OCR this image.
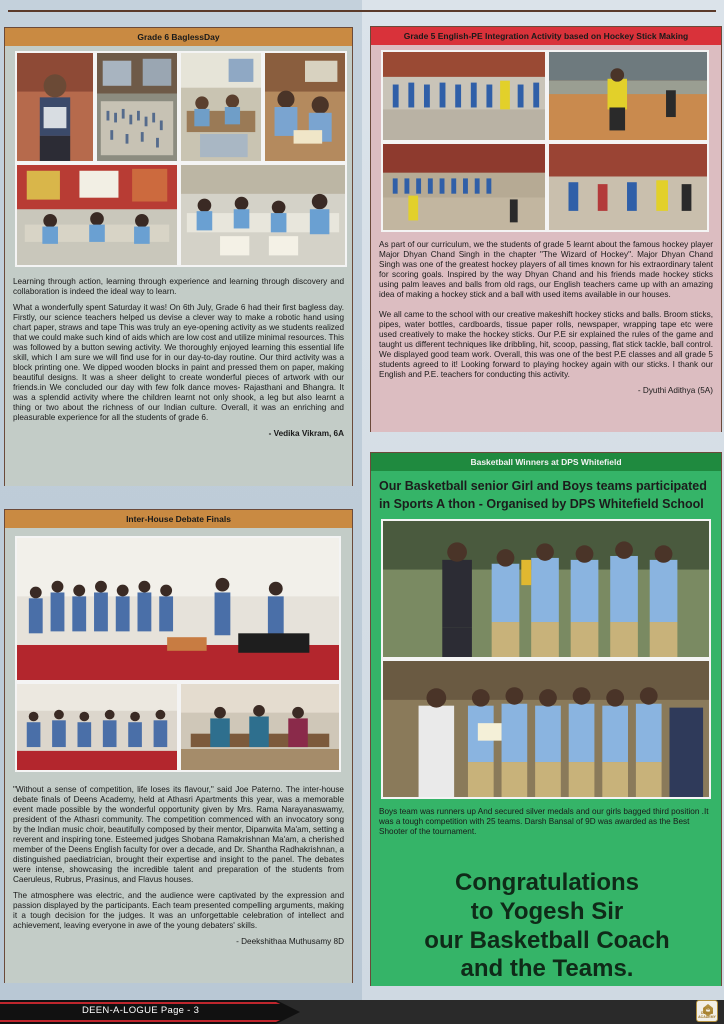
Grade 6 BaglessDay

Learning through action, learning through experience and learning through discovery and collaboration is indeed the ideal way to learn.

What a wonderfully spent Saturday it was! On 6th July, Grade 6 had their first bagless day. Firstly, our science teachers helped us devise a clever way to make a robotic hand using chart paper, straws and tape This was truly an eye-opening activity as we students realized that we could make such kind of aids which are low cost and utilize minimal resources. This was followed by a button sewing activity. We thoroughly enjoyed learning this essential life skill, which I am sure we will find use for in our day-to-day routine. Our third activity was a block printing one. We dipped wooden blocks in paint and pressed them on paper, making beautiful designs. It was a sheer delight to create wonderful pieces of artwork with our friends.in We concluded our day with few folk dance moves- Rajasthani and Bhangra. It was a splendid activity where the children learnt not only shook, a leg but also learnt a thing or two about the richness of our Indian culture. Overall, it was an enriching and pleasurable experience for all the students of grade 6.

- Vedika Vikram, 6A
Inter-House Debate Finals

"Without a sense of competition, life loses its flavour," said Joe Paterno. The inter-house debate finals of Deens Academy, held at Athasri Apartments this year, was a memorable event made possible by the wonderful opportunity given by Mrs. Rama Narayanaswamy, president of the Athasri community. The competition commenced with an invocatory song by the Indian music choir, beautifully composed by their mentor, Dipanwita Ma'am, setting a reverent and inspiring tone. Esteemed judges Shobana Ramakrishnan Ma'am, a cherished member of the Deens English faculty for over a decade, and Dr. Shantha Radhakrishnan, a distinguished paediatrician, brought their expertise and insight to the panel. The debates were intense, showcasing the incredible talent and preparation of the students from Caeruleus, Rubrus, Prasinus, and Flavus houses.

The atmosphere was electric, and the audience were captivated by the expression and passion displayed by the participants. Each team presented compelling arguments, making it a tough decision for the judges. It was an unforgettable celebration of intellect and achievement, leaving everyone in awe of the young debaters' skills.

- Deekshithaa Muthusamy 8D
Grade 5 English-PE Integration Activity based on Hockey Stick Making

As part of our curriculum, we the students of grade 5 learnt about the famous hockey player Major Dhyan Chand Singh in the chapter "The Wizard of Hockey". Major Dhyan Chand Singh was one of the greatest hockey players of all times known for his extraordinary talent for scoring goals. Inspired by the way Dhyan Chand and his friends made hockey sticks using palm leaves and balls from old rags, our English teachers came up with an amazing idea of making a hockey stick and a ball with used items available in our houses.

We all came to the school with our creative makeshift hockey sticks and balls. Broom sticks, pipes, water bottles, cardboards, tissue paper rolls, newspaper, wrapping tape etc were used creatively to make the hockey sticks. Our P.E sir explained the rules of the game and taught us different techniques like dribbling, hit, scoop, passing, flat stick tackle, ball control. We displayed good team work. Overall, this was one of the best P.E classes and all grade 5 students agreed to it! Looking forward to playing hockey again with our sticks. I thank our English and P.E. teachers for conducting this activity.

- Dyuthi Adithya (5A)
Basketball Winners at DPS Whitefield
Our Basketball senior Girl and Boys teams participated in Sports A thon - Organised by DPS Whitefield School

Boys team was runners up And secured silver medals and our girls bagged third position .It was a tough competition with 25 teams. Darsh Bansal of 9D was awarded as the Best Shooter of the tournament.

Congratulations
to Yogesh Sir
our Basketball Coach
and the Teams.
DEEN-A-LOGUE Page - 3	THE DEENS ACADEMY
